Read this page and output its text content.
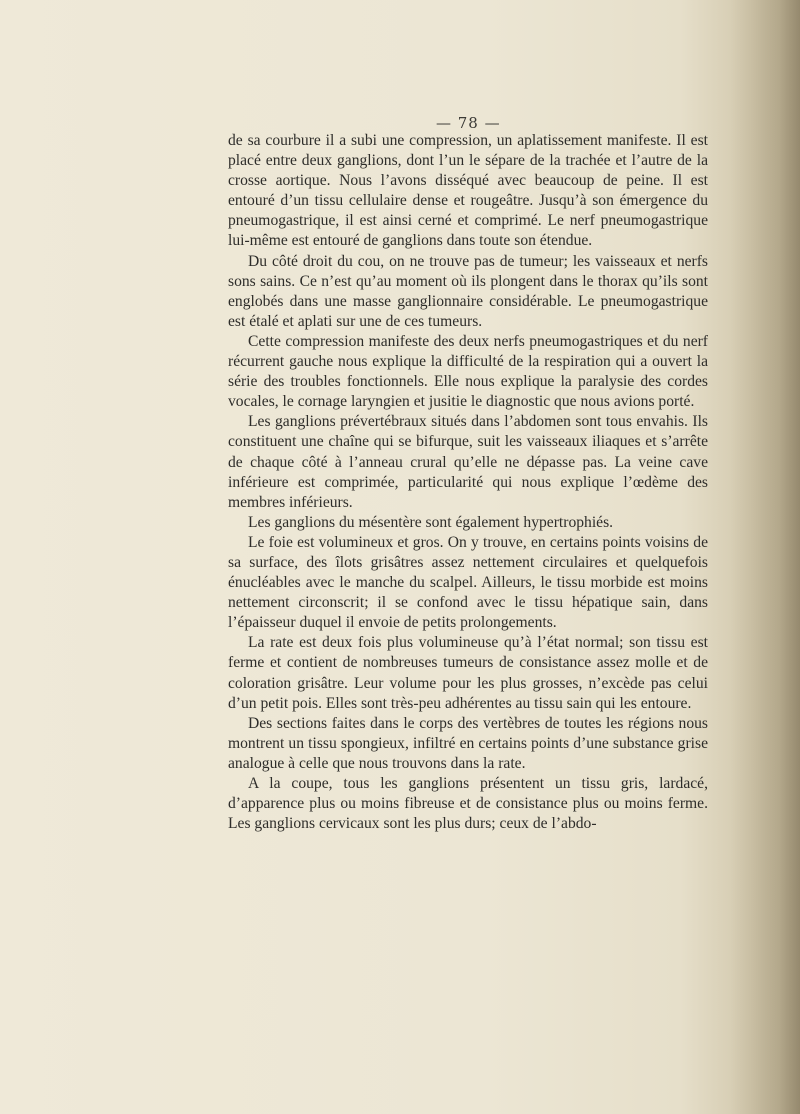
— 78 —

de sa courbure il a subi une compression, un aplatissement manifeste. Il est placé entre deux ganglions, dont l’un le sépare de la trachée et l’autre de la crosse aortique. Nous l’avons disséqué avec beaucoup de peine. Il est entouré d’un tissu cellulaire dense et rougeâtre. Jusqu’à son émergence du pneumogastrique, il est ainsi cerné et comprimé. Le nerf pneumogastrique lui-même est entouré de ganglions dans toute son étendue.

Du côté droit du cou, on ne trouve pas de tumeur; les vaisseaux et nerfs sons sains. Ce n’est qu’au moment où ils plongent dans le thorax qu’ils sont englobés dans une masse ganglionnaire considérable. Le pneumogastrique est étalé et aplati sur une de ces tumeurs.

Cette compression manifeste des deux nerfs pneumogastriques et du nerf récurrent gauche nous explique la difficulté de la respiration qui a ouvert la série des troubles fonctionnels. Elle nous explique la paralysie des cordes vocales, le cornage laryngien et jusitie le diagnostic que nous avions porté.

Les ganglions prévertébraux situés dans l’abdomen sont tous envahis. Ils constituent une chaîne qui se bifurque, suit les vaisseaux iliaques et s’arrête de chaque côté à l’anneau crural qu’elle ne dépasse pas. La veine cave inférieure est comprimée, particularité qui nous explique l’œdème des membres inférieurs.

Les ganglions du mésentère sont également hypertrophiés.

Le foie est volumineux et gros. On y trouve, en certains points voisins de sa surface, des îlots grisâtres assez nettement circulaires et quelquefois énucléables avec le manche du scalpel. Ailleurs, le tissu morbide est moins nettement circonscrit; il se confond avec le tissu hépatique sain, dans l’épaisseur duquel il envoie de petits prolongements.

La rate est deux fois plus volumineuse qu’à l’état normal; son tissu est ferme et contient de nombreuses tumeurs de consistance assez molle et de coloration grisâtre. Leur volume pour les plus grosses, n’excède pas celui d’un petit pois. Elles sont très-peu adhérentes au tissu sain qui les entoure.

Des sections faites dans le corps des vertèbres de toutes les régions nous montrent un tissu spongieux, infiltré en certains points d’une substance grise analogue à celle que nous trouvons dans la rate.

A la coupe, tous les ganglions présentent un tissu gris, lardacé, d’apparence plus ou moins fibreuse et de consistance plus ou moins ferme. Les ganglions cervicaux sont les plus durs; ceux de l’abdo-
